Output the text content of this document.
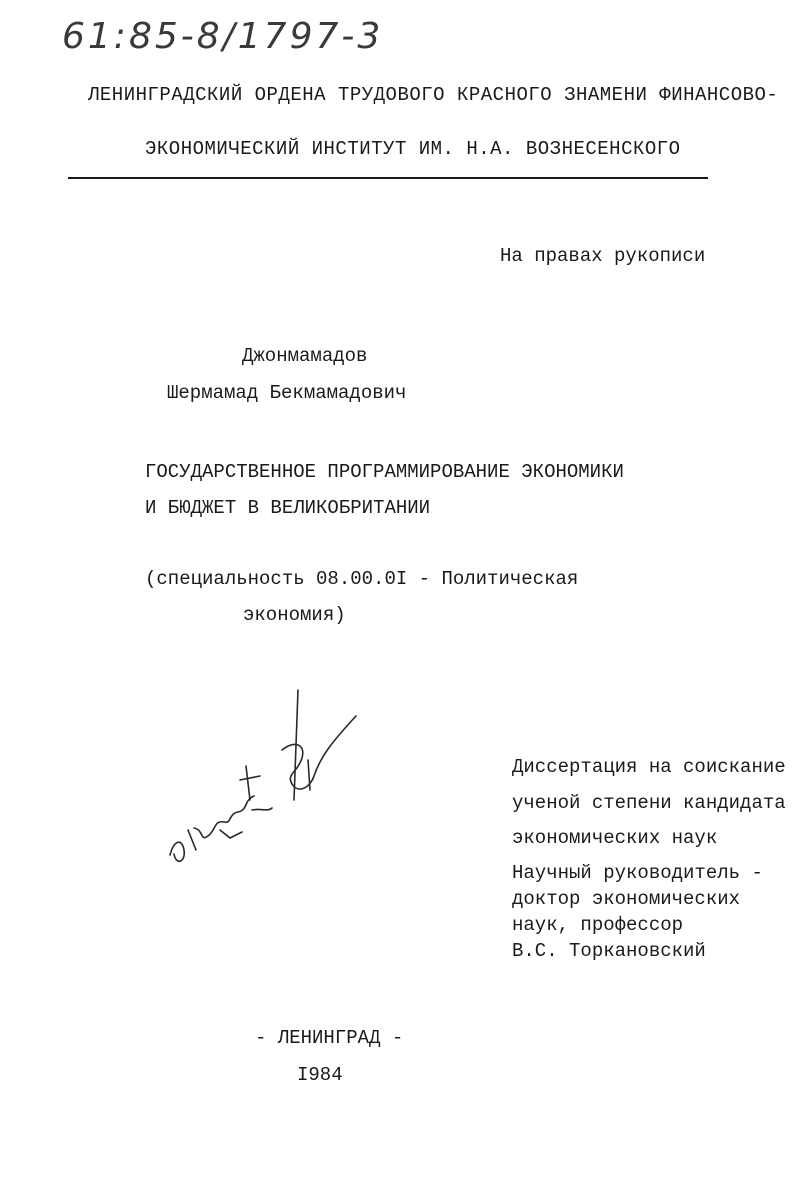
61:85-8/1797-3
ЛЕНИНГРАДСКИЙ ОРДЕНА ТРУДОВОГО КРАСНОГО ЗНАМЕНИ ФИНАНСОВО-
ЭКОНОМИЧЕСКИЙ ИНСТИТУТ ИМ. Н.А. ВОЗНЕСЕНСКОГО
На правах рукописи
Джонмамадов
Шермамад Бекмамадович
ГОСУДАРСТВЕННОЕ ПРОГРАММИРОВАНИЕ ЭКОНОМИКИ
И БЮДЖЕТ В ВЕЛИКОБРИТАНИИ
(специальность 08.00.0I - Политическая
экономия)
Диссертация на соискание
ученой степени кандидата
экономических наук
Научный руководитель -
доктор экономических
наук, профессор
В.С. Торкановский
- ЛЕНИНГРАД -
I984
